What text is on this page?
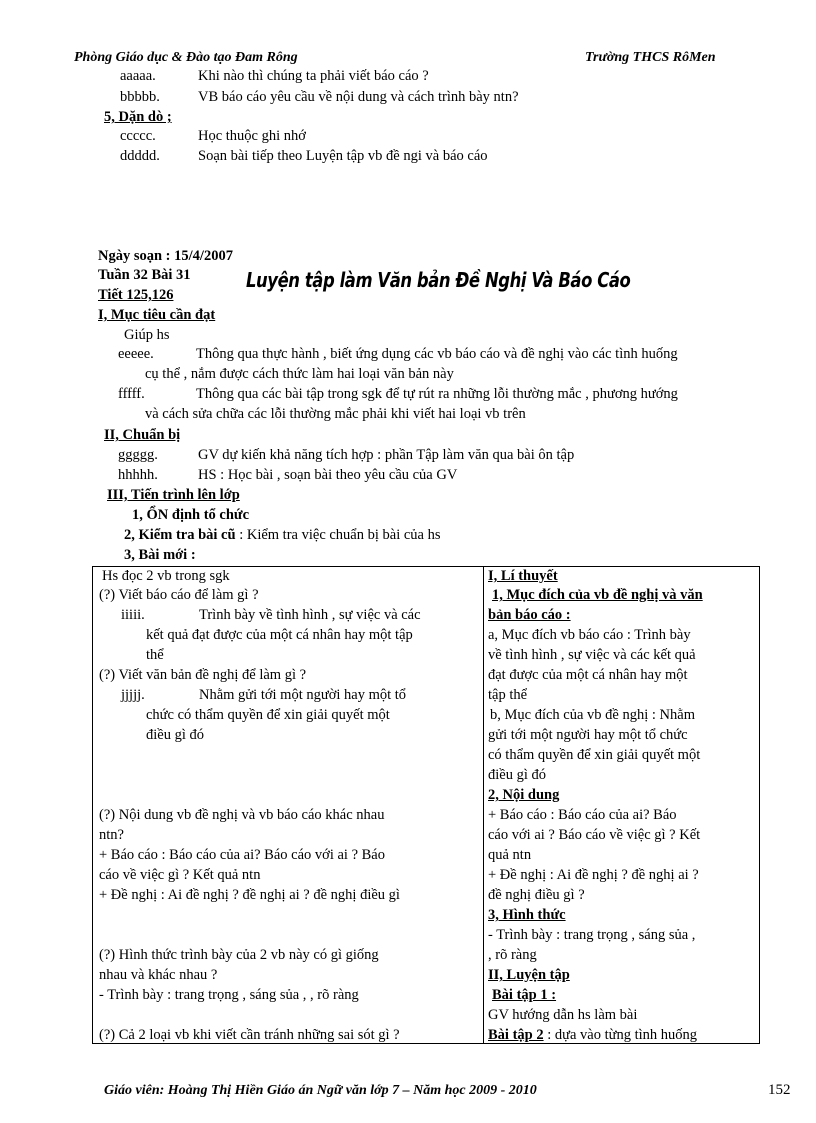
Phòng Giáo dục & Đào tạo Đam Rông	Trường THCS RôMen
aaaaa.	Khi nào thì chúng ta phải viết báo cáo ?
bbbbb.	VB báo cáo yêu cầu về nội dung và cách trình bày ntn?
5, Dặn dò ;
ccccc.	Học thuộc ghi nhớ
ddddd.	Soạn bài tiếp theo Luyện tập vb đề ngi và báo cáo
Ngày soạn : 15/4/2007
Tuần 32 Bài 31
Tiết 125,126
Luyện tập làm Văn bản Đề Nghị Và Báo Cáo
I, Mục tiêu cần đạt
Giúp hs
eeeee.	Thông qua thực hành , biết ứng dụng các vb báo cáo và đề nghị vào các tình huống
cụ thể , nắm được cách thức làm hai loại văn bản này
fffff.	Thông qua các bài tập trong sgk để tự rút ra những lỗi thường mắc , phương hướng
và cách sửa chữa các lỗi thường mắc phải khi viết hai loại vb trên
II, Chuẩn bị
ggggg.	GV dự kiến khả năng tích hợp : phần Tập làm văn qua bài ôn tập
hhhhh.	HS : Học bài , soạn bài theo yêu cầu của GV
III, Tiến trình lên lớp
1, ỔN định tổ chức
2, Kiểm tra bài cũ : Kiểm tra việc chuẩn bị bài của hs
3, Bài mới :
Hs đọc 2 vb trong sgk
(?) Viết báo cáo để làm gì ?
iiiii.	Trình bày về tình hình , sự việc và các
kết quả đạt được của một cá nhân hay một tập
thể
(?) Viết văn bản đề nghị để làm gì ?
jjjjj.	Nhằm gửi tới một người hay một tổ
chức có thẩm quyền để xin giải quyết một
điều gì đó
(?) Nội dung vb đề nghị và vb báo cáo khác nhau
ntn?
+ Báo cáo : Báo cáo của ai? Báo cáo với ai ? Báo
cáo về việc gì ? Kết quả ntn
+ Đề nghị : Ai đề nghị ? đề nghị ai ? đề nghị điều gì
(?) Hình thức trình bày của 2 vb này có gì giống
nhau và khác nhau ?
- Trình bày : trang trọng , sáng sủa , , rõ ràng
(?) Cả 2 loại vb khi viết cần tránh những sai sót gì ?
I, Lí thuyết
1, Mục đích của vb đề nghị và văn
bản báo cáo :
a, Mục đích vb báo cáo : Trình bày
về tình hình , sự việc và các kết quả
đạt được của một cá nhân hay một
tập thể
b, Mục đích của vb đề nghị : Nhằm
gửi tới một người hay một tổ chức
có thẩm quyền để xin giải quyết một
điều gì đó
2, Nội dung
+ Báo cáo : Báo cáo của ai? Báo
cáo với ai ? Báo cáo về việc gì ? Kết
quả ntn
+ Đề nghị : Ai đề nghị ? đề nghị ai ?
đề nghị điều gì ?
3, Hình thức
- Trình bày : trang trọng , sáng sủa ,
, rõ ràng
II, Luyện tập
Bài tập 1 :
GV hướng dẫn hs làm bài
Bài tập 2 : dựa vào từng tình huống
Giáo viên: Hoàng Thị Hiền Giáo án Ngữ văn lớp 7 – Năm học 2009 - 2010	152
